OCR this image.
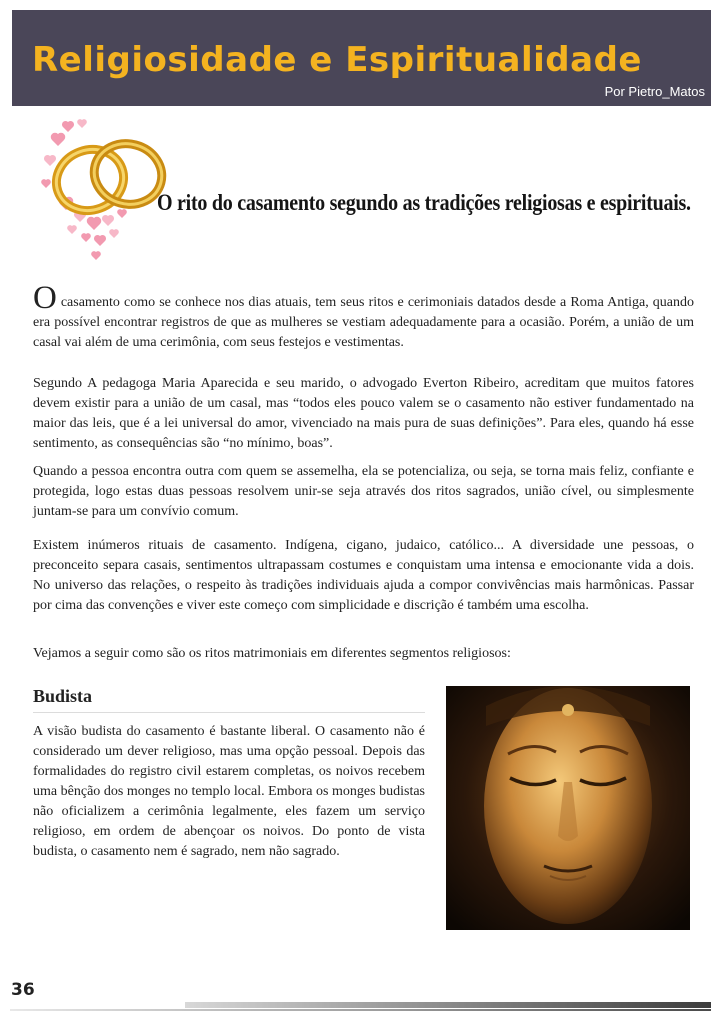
Religiosidade e Espiritualidade
Por Pietro_Matos
O rito do casamento segundo as tradições religiosas e espirituais.

Ocasamento como se conhece nos dias atuais, tem seus ritos e cerimoniais datados desde a Roma Antiga, quando era possível encontrar registros de que as mulheres se vestiam adequadamente para a ocasião. Porém, a união de um casal vai além de uma cerimônia, com seus festejos e vestimentas.

Segundo A pedagoga Maria Aparecida e seu marido, o advogado Everton Ribeiro, acreditam que muitos fatores devem existir para a união de um casal, mas “todos eles pouco valem se o casamento não estiver fundamentado na maior das leis, que é a lei universal do amor, vivenciado na mais pura de suas definições”. Para eles, quando há esse sentimento, as consequências são “no mínimo, boas”.

Quando a pessoa encontra outra com quem se assemelha, ela se potencializa, ou seja, se torna mais feliz, confiante e protegida, logo estas duas pessoas resolvem unir-se seja através dos ritos sagrados, união cível, ou simplesmente juntam-se para um convívio comum.

Existem inúmeros rituais de casamento. Indígena, cigano, judaico, católico... A diversidade une pessoas, o preconceito separa casais, sentimentos ultrapassam costumes e conquistam uma intensa e emocionante vida a dois. No universo das relações, o respeito às tradições individuais ajuda a compor convivências mais harmônicas. Passar por cima das convenções e viver este começo com simplicidade e discrição é também uma escolha.

Vejamos a seguir como são os ritos matrimoniais em diferentes segmentos religiosos:

Budista

A visão budista do casamento é bastante liberal. O casamento não é considerado um dever religioso, mas uma opção pessoal. Depois das formalidades do registro civil estarem completas, os noivos recebem uma bênção dos monges no templo local. Embora os monges budistas não oficializem a cerimônia legalmente, eles fazem um serviço religioso, em ordem de abençoar os noivos. Do ponto de vista budista, o casamento nem é sagrado, nem não sagrado.

36
